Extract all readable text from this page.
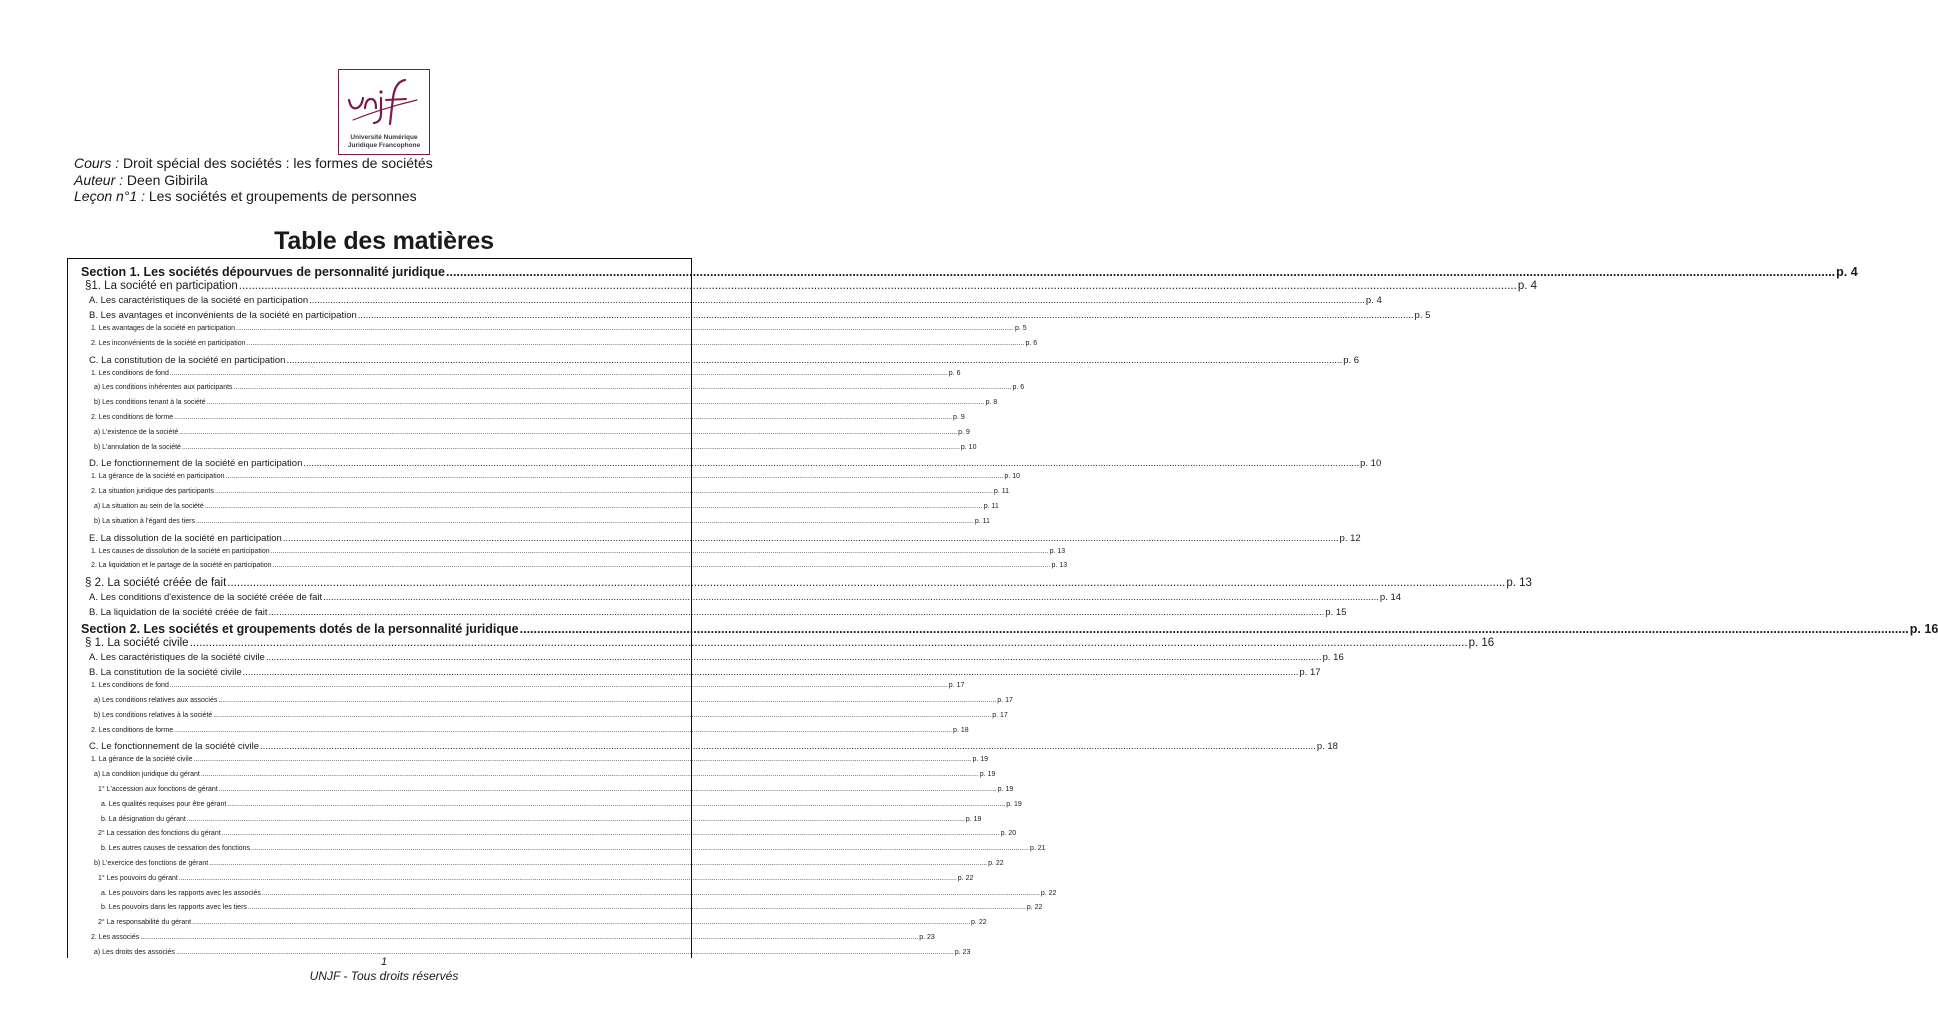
Université Numérique
Juridique Francophone
Cours : Droit spécial des sociétés : les formes de sociétés
Auteur : Deen Gibirila
Leçon n°1 : Les sociétés et groupements de personnes
Table des matières
Section 1. Les sociétés dépourvues de personnalité juridique ................................................................................................................................................................................................................................................................................................................................................................................................................ p. 4
§1. La société en participation ................................................................................................................................................................................................................................................................................................................................................................................................................ p. 4
A. Les caractéristiques de la société en participation ................................................................................................................................................................................................................................................................................................................................................................................................................ p. 4
B. Les avantages et inconvénients de la société en participation ................................................................................................................................................................................................................................................................................................................................................................................................................ p. 5
1. Les avantages de la société en participation ................................................................................................................................................................................................................................................................................................................................................................................................................ p. 5
2. Les inconvénients de la société en participation ................................................................................................................................................................................................................................................................................................................................................................................................................ p. 6
C. La constitution de la société en participation ................................................................................................................................................................................................................................................................................................................................................................................................................ p. 6
1. Les conditions de fond ................................................................................................................................................................................................................................................................................................................................................................................................................ p. 6
a) Les conditions inhérentes aux participants ................................................................................................................................................................................................................................................................................................................................................................................................................ p. 6
b) Les conditions tenant à la société ................................................................................................................................................................................................................................................................................................................................................................................................................ p. 8
2. Les conditions de forme ................................................................................................................................................................................................................................................................................................................................................................................................................ p. 9
a) L'existence de la société ................................................................................................................................................................................................................................................................................................................................................................................................................ p. 9
b) L'annulation de la société ................................................................................................................................................................................................................................................................................................................................................................................................................ p. 10
D. Le fonctionnement de la société en participation ................................................................................................................................................................................................................................................................................................................................................................................................................ p. 10
1. La gérance de la société en participation ................................................................................................................................................................................................................................................................................................................................................................................................................ p. 10
2. La situation juridique des participants ................................................................................................................................................................................................................................................................................................................................................................................................................ p. 11
a) La situation au sein de la société ................................................................................................................................................................................................................................................................................................................................................................................................................ p. 11
b) La situation à l'égard des tiers ................................................................................................................................................................................................................................................................................................................................................................................................................ p. 11
E. La dissolution de la société en participation ................................................................................................................................................................................................................................................................................................................................................................................................................ p. 12
1. Les causes de dissolution de la société en participation ................................................................................................................................................................................................................................................................................................................................................................................................................ p. 13
2. La liquidation et le partage de la société en participation ................................................................................................................................................................................................................................................................................................................................................................................................................ p. 13
§ 2. La société créée de fait ................................................................................................................................................................................................................................................................................................................................................................................................................ p. 13
A. Les conditions d'existence de la société créée de fait ................................................................................................................................................................................................................................................................................................................................................................................................................ p. 14
B. La liquidation de la société créée de fait ................................................................................................................................................................................................................................................................................................................................................................................................................ p. 15
Section 2. Les sociétés et groupements dotés de la personnalité juridique ................................................................................................................................................................................................................................................................................................................................................................................................................ p. 16
§ 1. La société civile ................................................................................................................................................................................................................................................................................................................................................................................................................ p. 16
A. Les caractéristiques de la société civile ................................................................................................................................................................................................................................................................................................................................................................................................................ p. 16
B. La constitution de la société civile ................................................................................................................................................................................................................................................................................................................................................................................................................ p. 17
1. Les conditions de fond ................................................................................................................................................................................................................................................................................................................................................................................................................ p. 17
a) Les conditions relatives aux associés ................................................................................................................................................................................................................................................................................................................................................................................................................ p. 17
b) Les conditions relatives à la société ................................................................................................................................................................................................................................................................................................................................................................................................................ p. 17
2. Les conditions de forme ................................................................................................................................................................................................................................................................................................................................................................................................................ p. 18
C. Le fonctionnement de la société civile ................................................................................................................................................................................................................................................................................................................................................................................................................ p. 18
1. La gérance de la société civile ................................................................................................................................................................................................................................................................................................................................................................................................................ p. 19
a) La condition juridique du gérant ................................................................................................................................................................................................................................................................................................................................................................................................................ p. 19
1° L'accession aux fonctions de gérant ................................................................................................................................................................................................................................................................................................................................................................................................................ p. 19
a. Les qualités requises pour être gérant ................................................................................................................................................................................................................................................................................................................................................................................................................ p. 19
b. La désignation du gérant ................................................................................................................................................................................................................................................................................................................................................................................................................ p. 19
2° La cessation des fonctions du gérant ................................................................................................................................................................................................................................................................................................................................................................................................................ p. 20
b. Les autres causes de cessation des fonctions ................................................................................................................................................................................................................................................................................................................................................................................................................ p. 21
b) L'exercice des fonctions de gérant ................................................................................................................................................................................................................................................................................................................................................................................................................ p. 22
1° Les pouvoirs du gérant ................................................................................................................................................................................................................................................................................................................................................................................................................ p. 22
a. Les pouvoirs dans les rapports avec les associés ................................................................................................................................................................................................................................................................................................................................................................................................................ p. 22
b. Les pouvoirs dans les rapports avec les tiers ................................................................................................................................................................................................................................................................................................................................................................................................................ p. 22
2° La responsabilité du gérant ................................................................................................................................................................................................................................................................................................................................................................................................................ p. 22
2. Les associés ................................................................................................................................................................................................................................................................................................................................................................................................................ p. 23
a) Les droits des associés ................................................................................................................................................................................................................................................................................................................................................................................................................ p. 23
1
UNJF - Tous droits réservés
